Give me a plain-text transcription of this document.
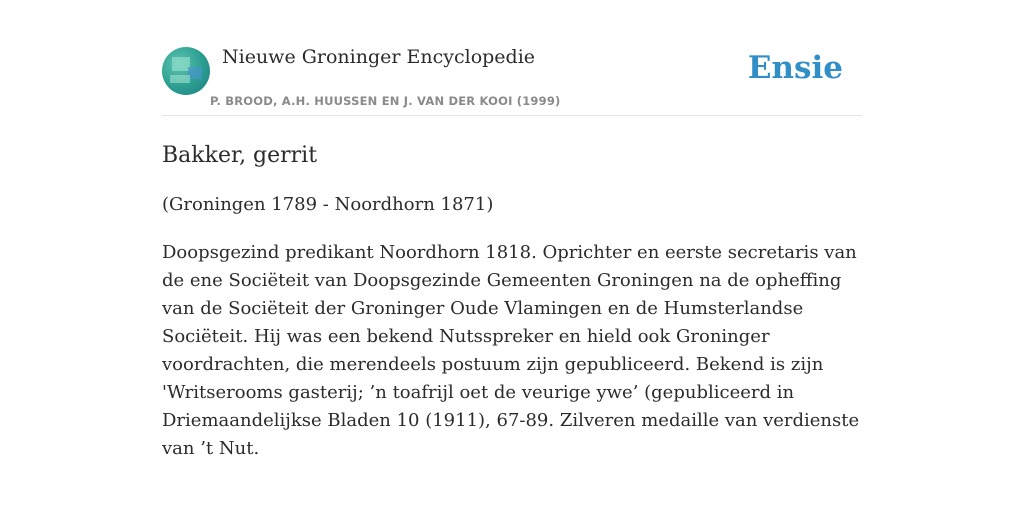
Nieuwe Groninger Encyclopedie
P. BROOD, A.H. HUUSSEN EN J. VAN DER KOOI (1999)
Ensie
Bakker, gerrit

(Groningen 1789 - Noordhorn 1871)

Doopsgezind predikant Noordhorn 1818. Oprichter en eerste secretaris van de ene Sociëteit van Doopsgezinde Gemeenten Groningen na de opheffing van de Sociëteit der Groninger Oude Vlamingen en de Humsterlandse Sociëteit. Hij was een bekend Nutsspreker en hield ook Groninger voordrachten, die merendeels postuum zijn gepubliceerd. Bekend is zijn 'Writserooms gasterij; ’n toafrijl oet de veurige ywe’ (gepubliceerd in Driemaandelijkse Bladen 10 (1911), 67-89. Zilveren medaille van verdienste van ’t Nut.
